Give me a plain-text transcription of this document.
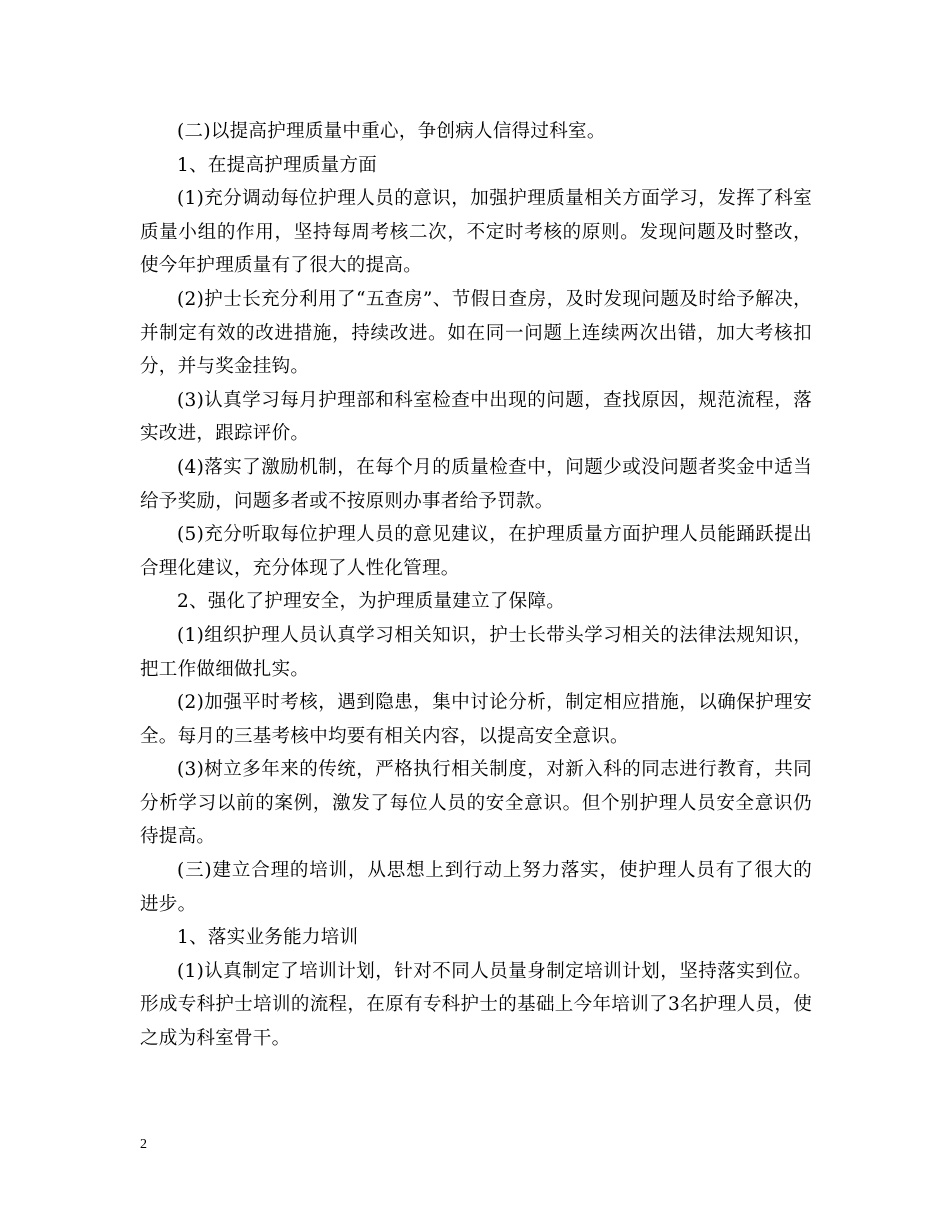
(二)以提高护理质量中重心，争创病人信得过科室。

1、在提高护理质量方面

(1)充分调动每位护理人员的意识，加强护理质量相关方面学习，发挥了科室质量小组的作用，坚持每周考核二次，不定时考核的原则。发现问题及时整改，使今年护理质量有了很大的提高。

(2)护士长充分利用了“五查房”、节假日查房，及时发现问题及时给予解决，并制定有效的改进措施，持续改进。如在同一问题上连续两次出错，加大考核扣分，并与奖金挂钩。

(3)认真学习每月护理部和科室检查中出现的问题，查找原因，规范流程，落实改进，跟踪评价。

(4)落实了激励机制，在每个月的质量检查中，问题少或没问题者奖金中适当给予奖励，问题多者或不按原则办事者给予罚款。

(5)充分听取每位护理人员的意见建议，在护理质量方面护理人员能踊跃提出合理化建议，充分体现了人性化管理。

2、强化了护理安全，为护理质量建立了保障。

(1)组织护理人员认真学习相关知识，护士长带头学习相关的法律法规知识，把工作做细做扎实。

(2)加强平时考核，遇到隐患，集中讨论分析，制定相应措施，以确保护理安全。每月的三基考核中均要有相关内容，以提高安全意识。

(3)树立多年来的传统，严格执行相关制度，对新入科的同志进行教育，共同分析学习以前的案例，激发了每位人员的安全意识。但个别护理人员安全意识仍待提高。

(三)建立合理的培训，从思想上到行动上努力落实，使护理人员有了很大的进步。

1、落实业务能力培训

(1)认真制定了培训计划，针对不同人员量身制定培训计划，坚持落实到位。形成专科护士培训的流程，在原有专科护士的基础上今年培训了3名护理人员，使之成为科室骨干。

2
